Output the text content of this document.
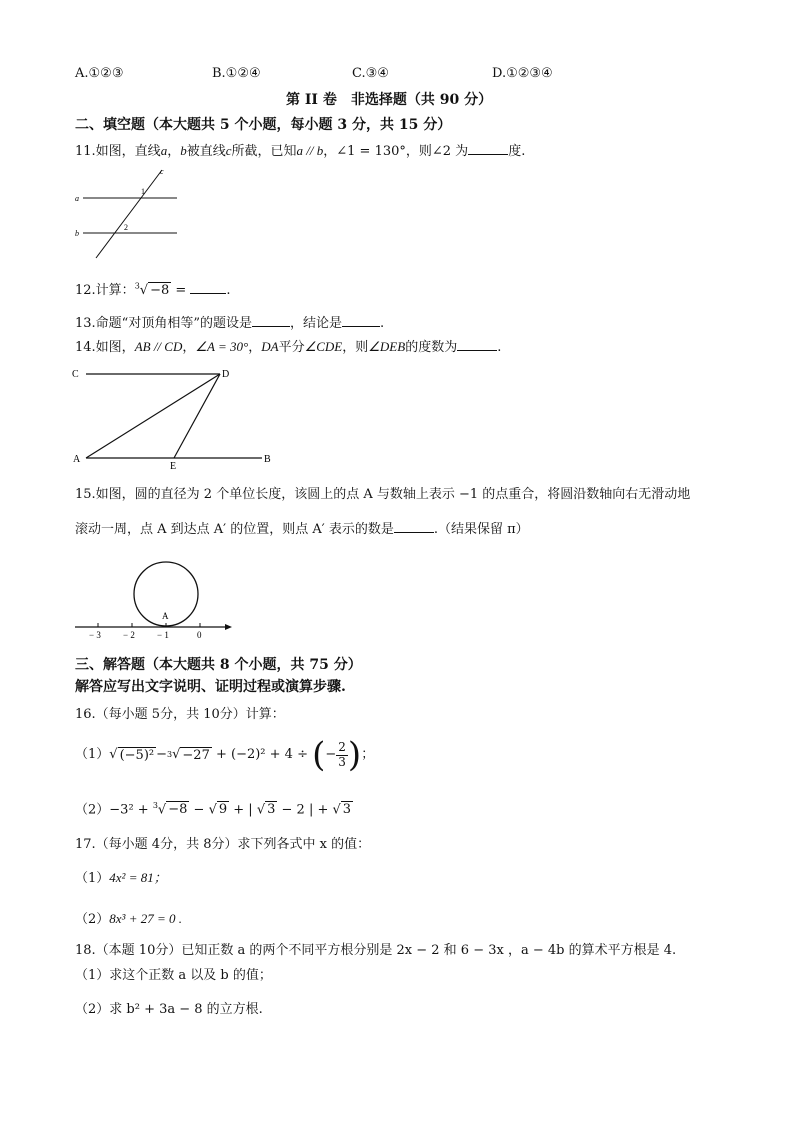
A.①②③	B.①②④	C.③④	D.①②③④
第 II 卷　非选择题（共 90 分）
二、填空题（本大题共 5 个小题，每小题 3 分，共 15 分）
11.如图，直线a，b被直线c所截，已知a // b，∠1 = 130°，则∠2 为	度.
a
b
c
1
2
12.计算：$^3$√ −8 =	.
13.命题“对顶角相等”的题设是	，结论是	.
14.如图，AB // CD，∠A = 30°，DA平分∠CDE，则∠DEB的度数为	.
C	D
A
E
B
15.如图，圆的直径为 2 个单位长度，该圆上的点 A 与数轴上表示 −1 的点重合，将圆沿数轴向右无滑动地
滚动一周，点 A 到达点 A′ 的位置，则点 A′ 表示的数是	.（结果保留 π）
A
− 3 − 2 − 1	0
三、解答题（本大题共 8 个小题，共 75 分）
解答应写出文字说明、证明过程或演算步骤.
16.（每小题 5分，共 10分）计算：
（1） √ (−5)² − 3 √ −27 + (−2)² + 4 ÷ ( − $\frac{2}{3}$ ) ；
（2）−3² + $^3$√ −8 − √ 9 + | √ 3 − 2 | + √ 3
17.（每小题 4分，共 8分）求下列各式中 x 的值：
（1）4x² = 81；
（2）8x³ + 27 = 0 .
18.（本题 10分）已知正数 a 的两个不同平方根分别是 2x − 2 和 6 − 3x ，a − 4b 的算术平方根是 4.
（1）求这个正数 a 以及 b 的值；
（2）求 b² + 3a − 8 的立方根.
